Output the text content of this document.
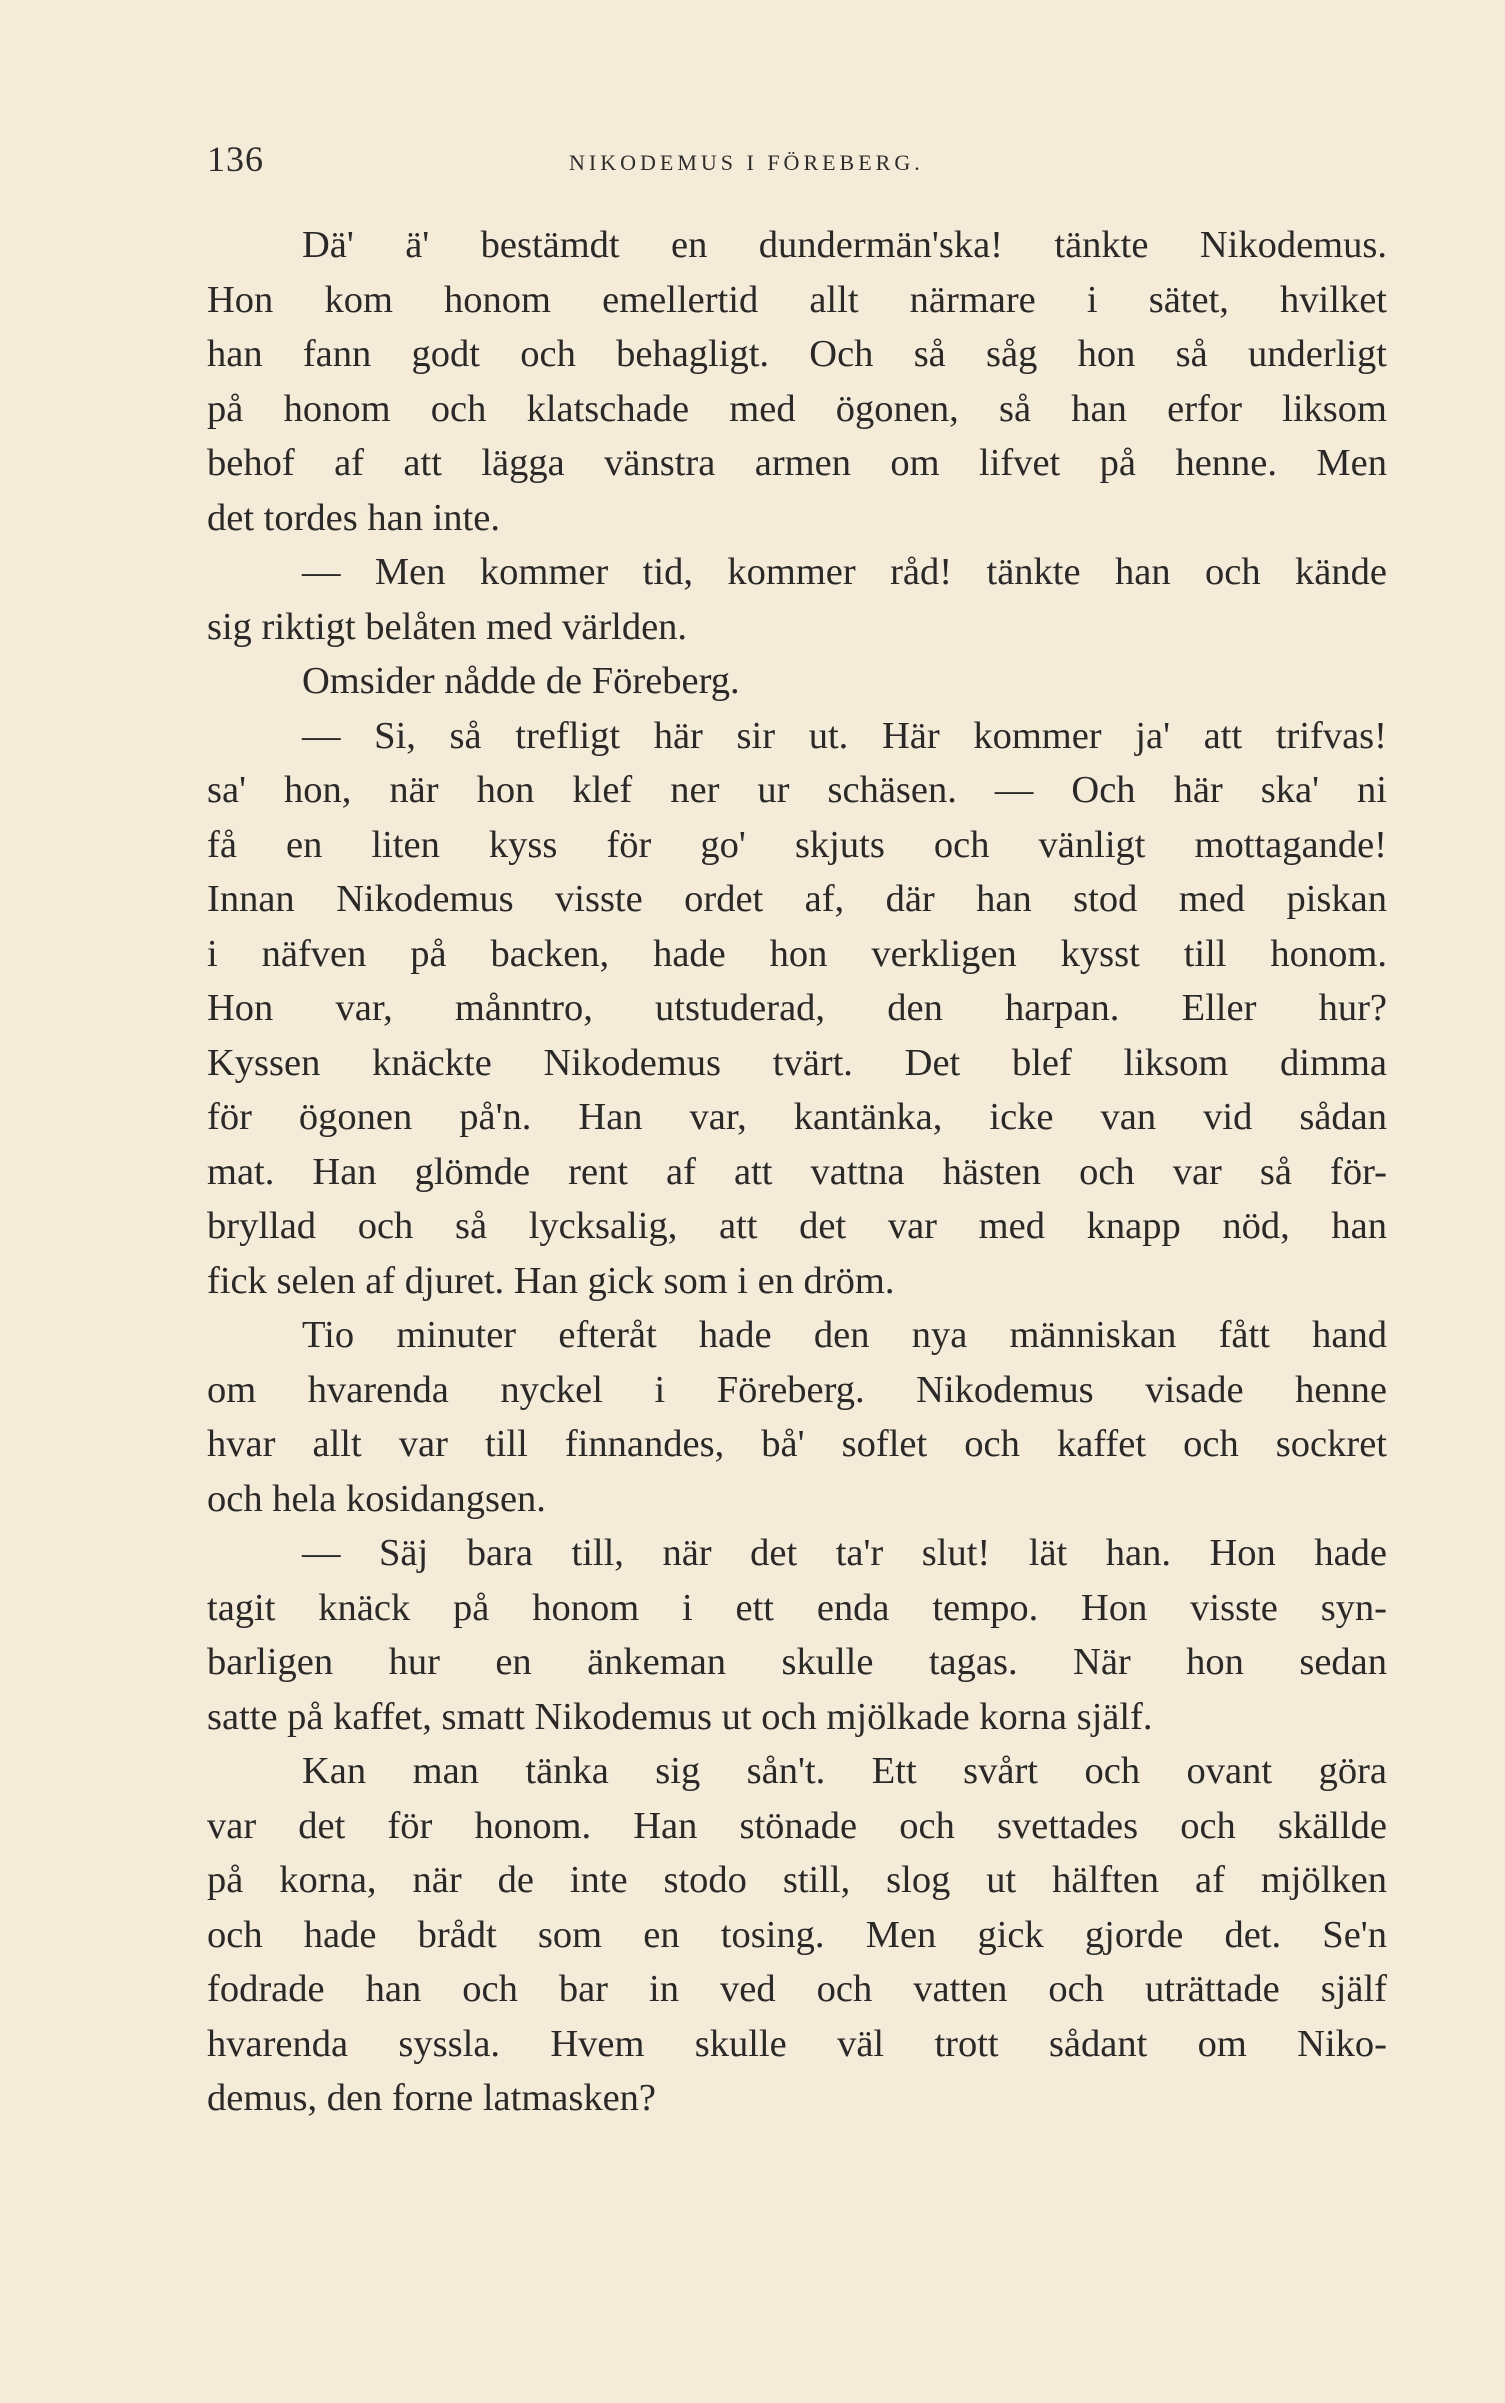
136	NIKODEMUS I FÖREBERG.
Dä' ä' bestämdt en dundermän'ska! tänkte Nikodemus.
Hon kom honom emellertid allt närmare i sätet, hvilket
han fann godt och behagligt. Och så såg hon så underligt
på honom och klatschade med ögonen, så han erfor liksom
behof af att lägga vänstra armen om lifvet på henne. Men
det tordes han inte.
— Men kommer tid, kommer råd! tänkte han och kände
sig riktigt belåten med världen.
Omsider nådde de Föreberg.
— Si, så trefligt här sir ut. Här kommer ja' att trifvas!
sa' hon, när hon klef ner ur schäsen. — Och här ska' ni
få en liten kyss för go' skjuts och vänligt mottagande!
Innan Nikodemus visste ordet af, där han stod med piskan
i näfven på backen, hade hon verkligen kysst till honom.
Hon var, månntro, utstuderad, den harpan. Eller hur?
Kyssen knäckte Nikodemus tvärt. Det blef liksom dimma
för ögonen på'n. Han var, kantänka, icke van vid sådan
mat. Han glömde rent af att vattna hästen och var så för-
bryllad och så lycksalig, att det var med knapp nöd, han
fick selen af djuret. Han gick som i en dröm.
Tio minuter efteråt hade den nya människan fått hand
om hvarenda nyckel i Föreberg. Nikodemus visade henne
hvar allt var till finnandes, bå' soflet och kaffet och sockret
och hela kosidangsen.
— Säj bara till, när det ta'r slut! lät han. Hon hade
tagit knäck på honom i ett enda tempo. Hon visste syn-
barligen hur en änkeman skulle tagas. När hon sedan
satte på kaffet, smatt Nikodemus ut och mjölkade korna själf.
Kan man tänka sig sån't. Ett svårt och ovant göra
var det för honom. Han stönade och svettades och skällde
på korna, när de inte stodo still, slog ut hälften af mjölken
och hade brådt som en tosing. Men gick gjorde det. Se'n
fodrade han och bar in ved och vatten och uträttade själf
hvarenda syssla. Hvem skulle väl trott sådant om Niko-
demus, den forne latmasken?
